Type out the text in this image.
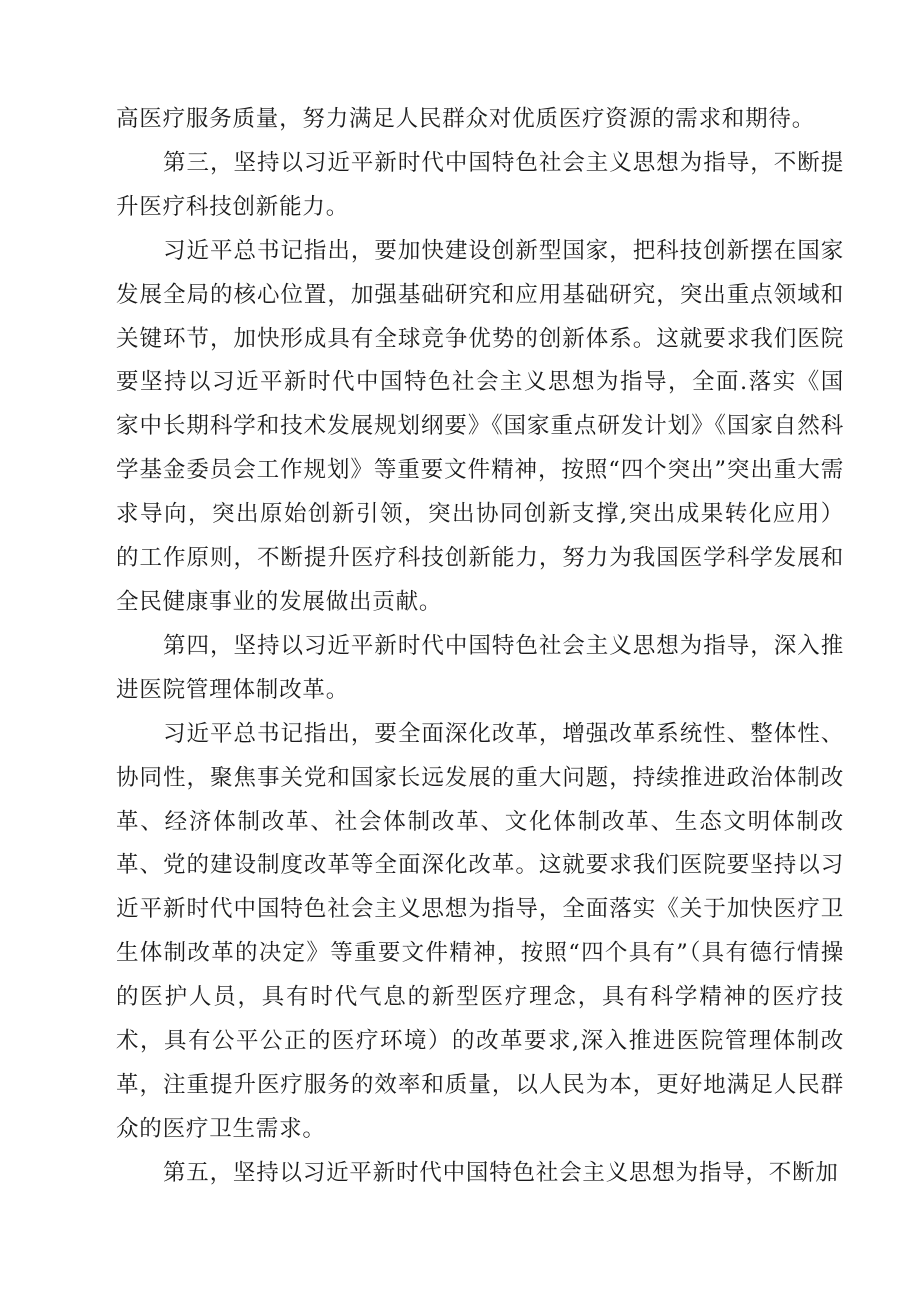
高医疗服务质量，努力满足人民群众对优质医疗资源的需求和期待。

第三，坚持以习近平新时代中国特色社会主义思想为指导，不断提升医疗科技创新能力。

习近平总书记指出，要加快建设创新型国家，把科技创新摆在国家发展全局的核心位置，加强基础研究和应用基础研究，突出重点领域和关键环节，加快形成具有全球竞争优势的创新体系。这就要求我们医院要坚持以习近平新时代中国特色社会主义思想为指导，全面.落实《国家中长期科学和技术发展规划纲要》《国家重点研发计划》《国家自然科学基金委员会工作规划》等重要文件精神，按照“四个突出”突出重大需求导向，突出原始创新引领，突出协同创新支撑,突出成果转化应用）的工作原则，不断提升医疗科技创新能力，努力为我国医学科学发展和全民健康事业的发展做出贡献。

第四，坚持以习近平新时代中国特色社会主义思想为指导，深入推进医院管理体制改革。

习近平总书记指出，要全面深化改革，增强改革系统性、整体性、协同性，聚焦事关党和国家长远发展的重大问题，持续推进政治体制改革、经济体制改革、社会体制改革、文化体制改革、生态文明体制改革、党的建设制度改革等全面深化改革。这就要求我们医院要坚持以习近平新时代中国特色社会主义思想为指导，全面落实《关于加快医疗卫生体制改革的决定》等重要文件精神，按照“四个具有”（具有德行情操的医护人员，具有时代气息的新型医疗理念，具有科学精神的医疗技术，具有公平公正的医疗环境）的改革要求,深入推进医院管理体制改革，注重提升医疗服务的效率和质量，以人民为本，更好地满足人民群众的医疗卫生需求。

第五，坚持以习近平新时代中国特色社会主义思想为指导，不断加
